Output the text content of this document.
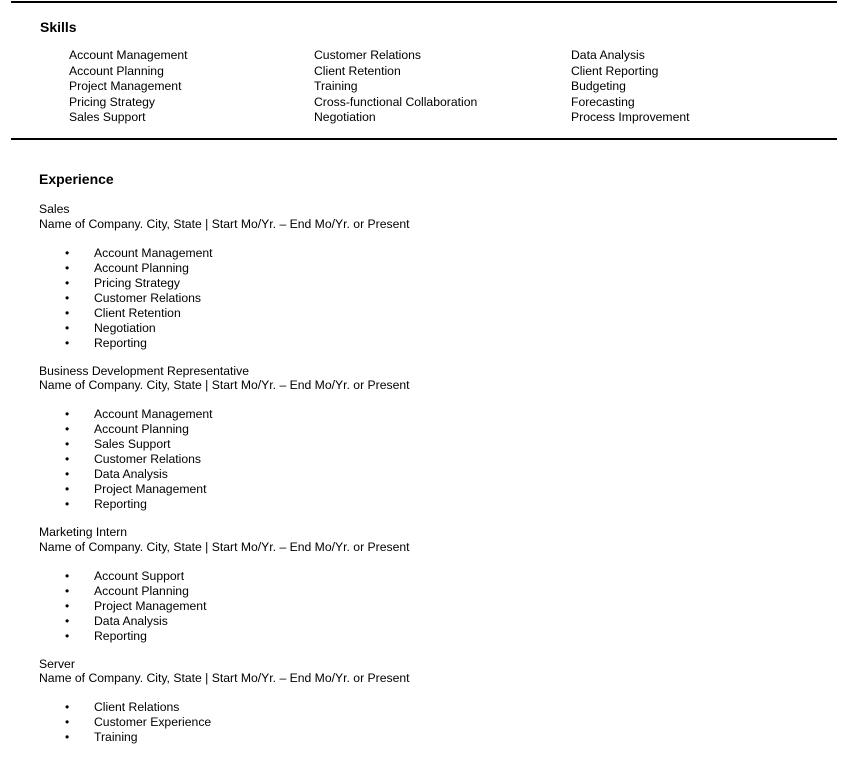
Skills
Account Management
Account Planning
Project Management
Pricing Strategy
Sales Support
Customer Relations
Client Retention
Training
Cross-functional Collaboration
Negotiation
Data Analysis
Client Reporting
Budgeting
Forecasting
Process Improvement
Experience
Sales
Name of Company. City, State | Start Mo/Yr. – End Mo/Yr. or Present
• Account Management
• Account Planning
• Pricing Strategy
• Customer Relations
• Client Retention
• Negotiation
• Reporting
Business Development Representative
Name of Company. City, State | Start Mo/Yr. – End Mo/Yr. or Present
• Account Management
• Account Planning
• Sales Support
• Customer Relations
• Data Analysis
• Project Management
• Reporting
Marketing Intern
Name of Company. City, State | Start Mo/Yr. – End Mo/Yr. or Present
• Account Support
• Account Planning
• Project Management
• Data Analysis
• Reporting
Server
Name of Company. City, State | Start Mo/Yr. – End Mo/Yr. or Present
• Client Relations
• Customer Experience
• Training
